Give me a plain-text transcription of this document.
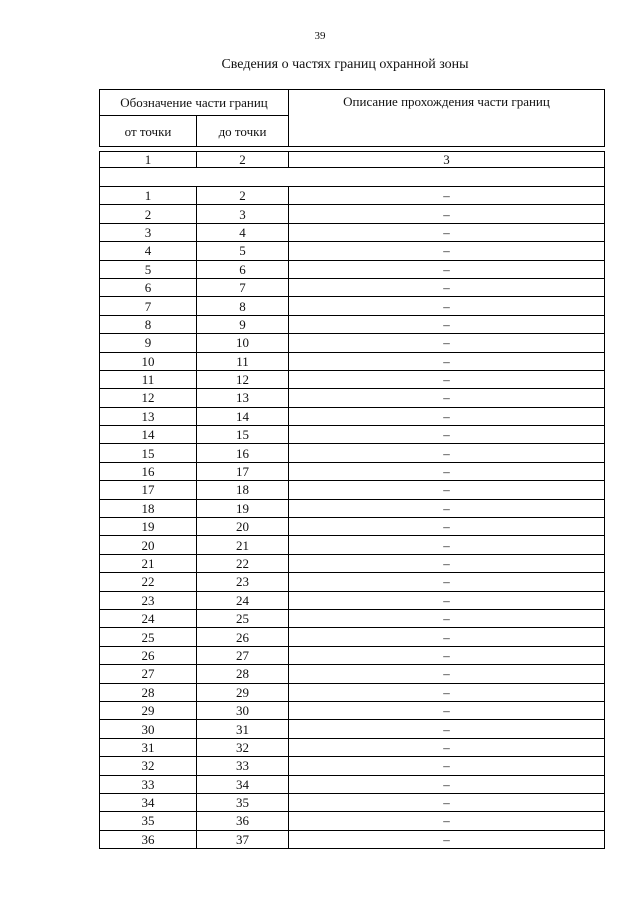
39
Сведения о частях границ охранной зоны
Обозначение части границ		Описание прохождения части границ
от точки	до точки	

1	2	3

1	2	–
2	3	–
3	4	–
4	5	–
5	6	–
6	7	–
7	8	–
8	9	–
9	10	–
10	11	–
11	12	–
12	13	–
13	14	–
14	15	–
15	16	–
16	17	–
17	18	–
18	19	–
19	20	–
20	21	–
21	22	–
22	23	–
23	24	–
24	25	–
25	26	–
26	27	–
27	28	–
28	29	–
29	30	–
30	31	–
31	32	–
32	33	–
33	34	–
34	35	–
35	36	–
36	37	–
